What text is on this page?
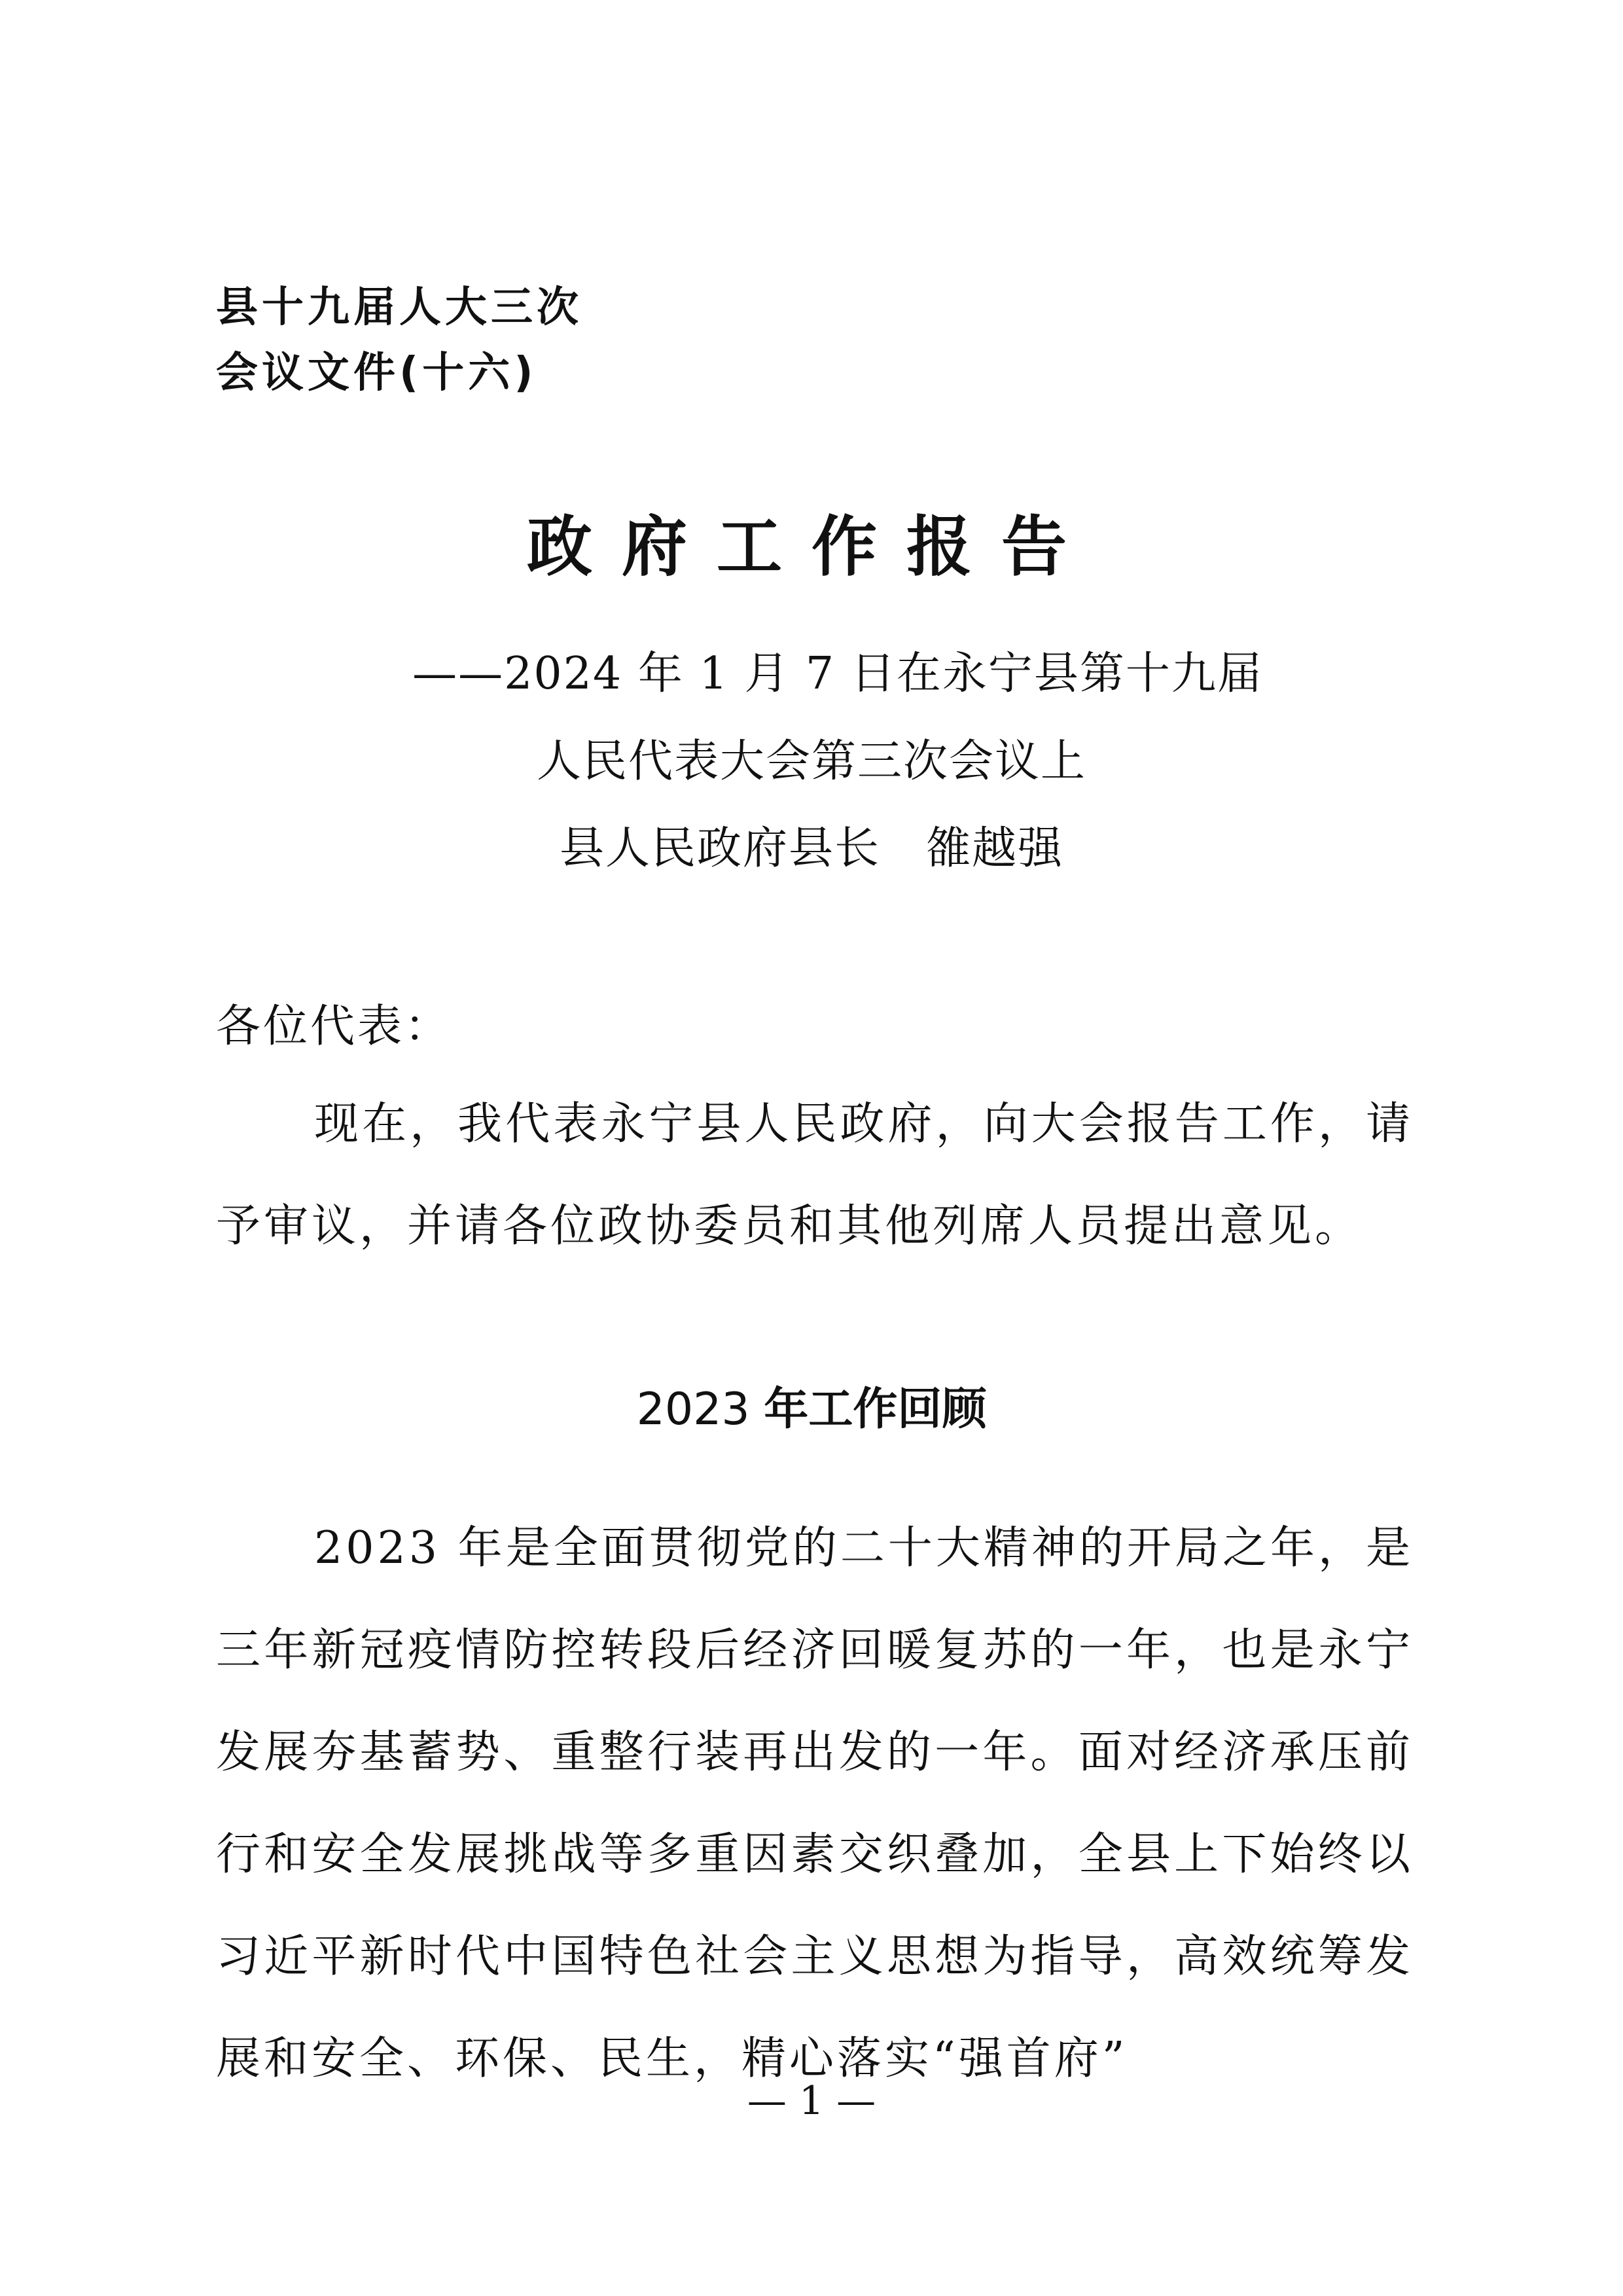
县十九届人大三次
会议文件(十六)
政府工作报告
——2024 年 1 月 7 日在永宁县第十九届
人民代表大会第三次会议上
县人民政府县长　雒越强
各位代表：
现在，我代表永宁县人民政府，向大会报告工作，请予审议，并请各位政协委员和其他列席人员提出意见。
2023 年工作回顾
2023 年是全面贯彻党的二十大精神的开局之年，是三年新冠疫情防控转段后经济回暖复苏的一年，也是永宁发展夯基蓄势、重整行装再出发的一年。面对经济承压前行和安全发展挑战等多重因素交织叠加，全县上下始终以习近平新时代中国特色社会主义思想为指导，高效统筹发展和安全、环保、民生，精心落实“强首府”
— 1 —
